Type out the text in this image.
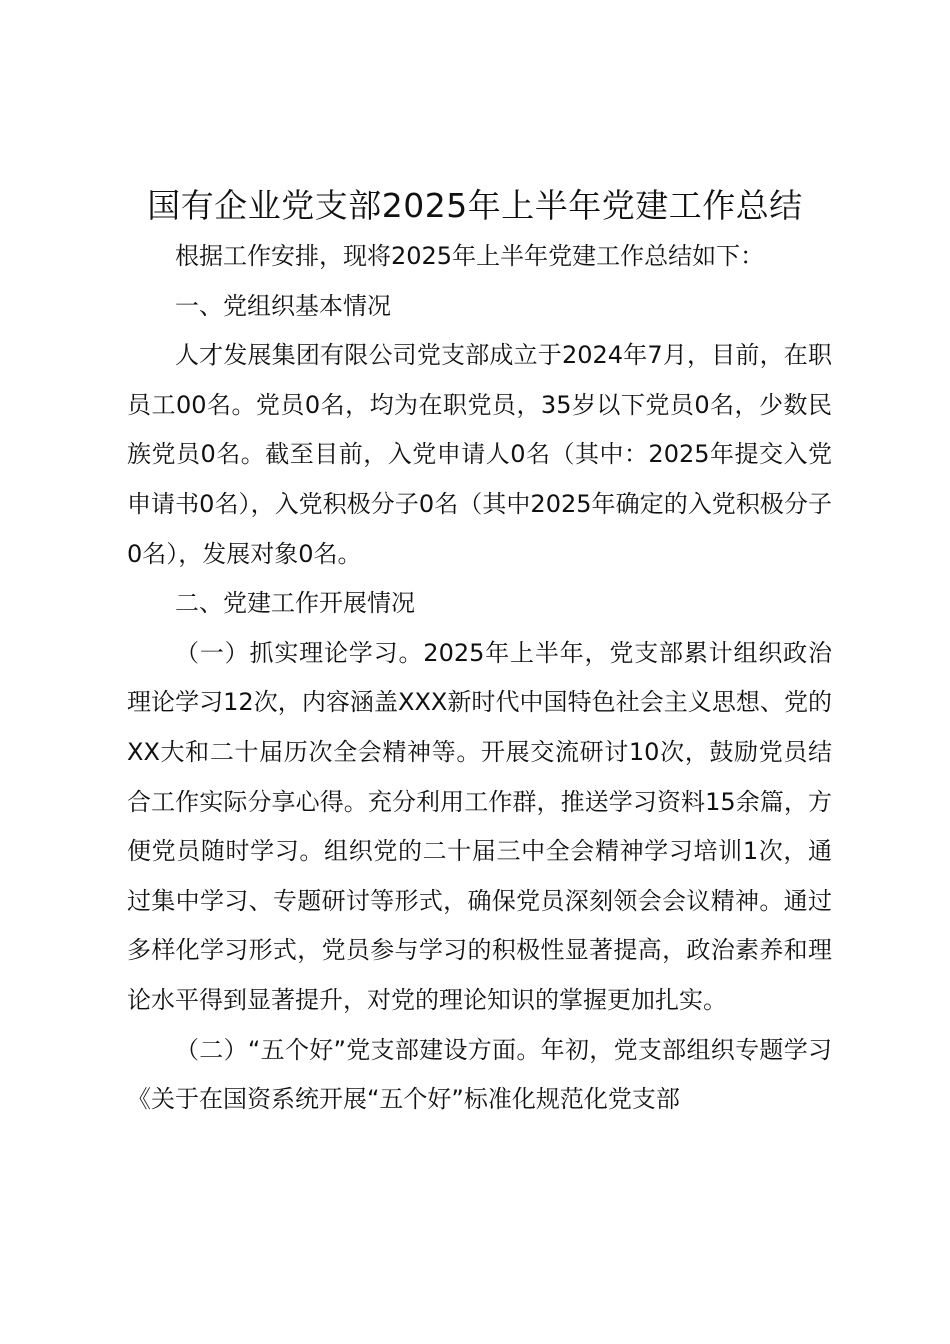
国有企业党支部2025年上半年党建工作总结

根据工作安排，现将2025年上半年党建工作总结如下：

一、党组织基本情况

人才发展集团有限公司党支部成立于2024年7月，目前，在职员工00名。党员0名，均为在职党员，35岁以下党员0名，少数民族党员0名。截至目前，入党申请人0名（其中：2025年提交入党申请书0名），入党积极分子0名（其中2025年确定的入党积极分子0名），发展对象0名。

二、党建工作开展情况

（一）抓实理论学习。2025年上半年，党支部累计组织政治理论学习12次，内容涵盖XXX新时代中国特色社会主义思想、党的XX大和二十届历次全会精神等。开展交流研讨10次，鼓励党员结合工作实际分享心得。充分利用工作群，推送学习资料15余篇，方便党员随时学习。组织党的二十届三中全会精神学习培训1次，通过集中学习、专题研讨等形式，确保党员深刻领会会议精神。通过多样化学习形式，党员参与学习的积极性显著提高，政治素养和理论水平得到显著提升，对党的理论知识的掌握更加扎实。

（二）“五个好”党支部建设方面。年初，党支部组织专题学习《关于在国资系统开展“五个好”标准化规范化党支部
